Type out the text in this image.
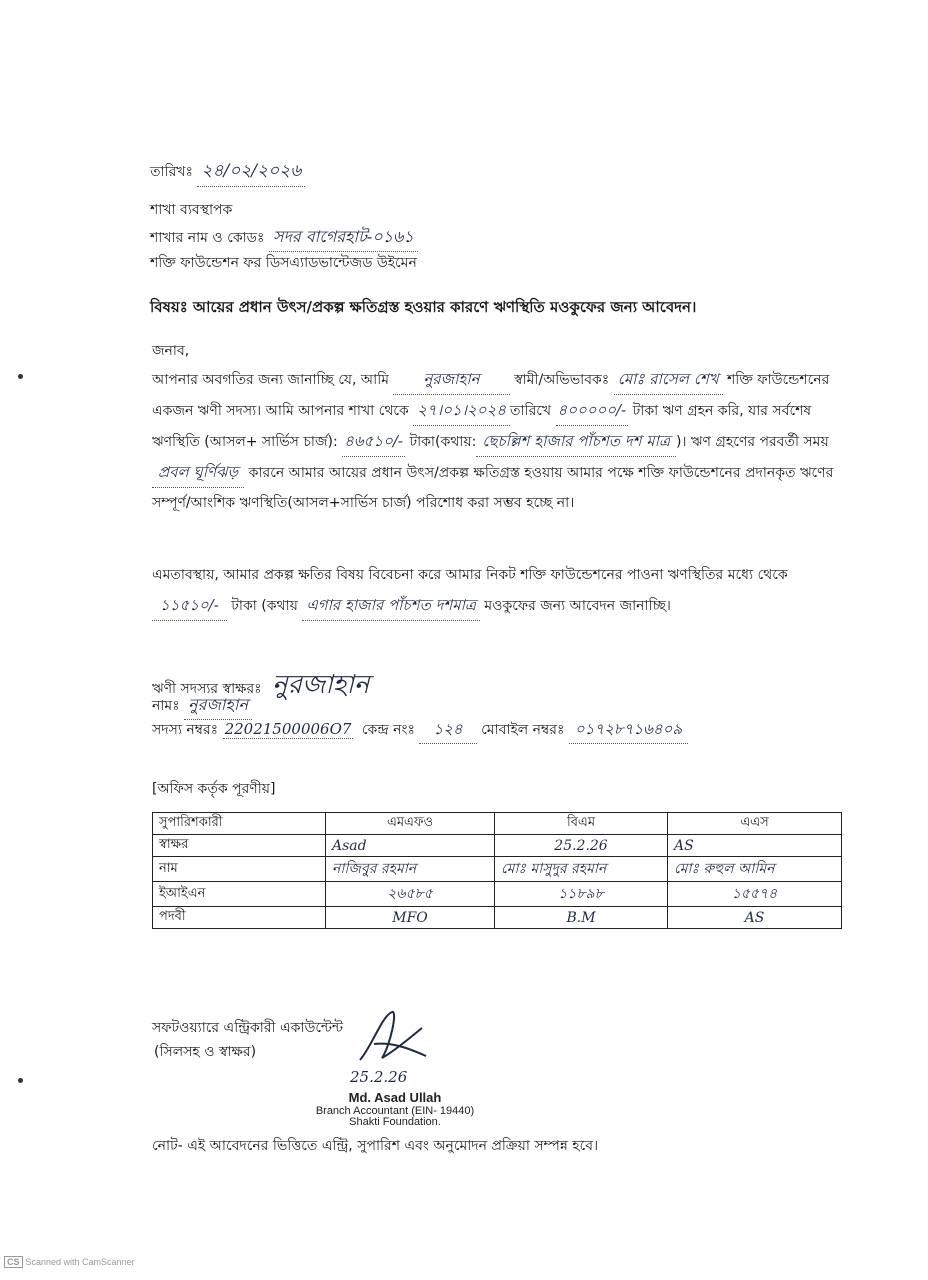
তারিখঃ ২৪/০২/২০২৬
শাখা ব্যবস্থাপক
শাখার নাম ও কোডঃ সদর বাগেরহাট-০১৬১
শক্তি ফাউন্ডেশন ফর ডিসএ্যাডভান্টেজড উইমেন
বিষয়ঃ আয়ের প্রধান উৎস/প্রকল্প ক্ষতিগ্রস্ত হওয়ার কারণে ঋণস্থিতি মওকুফের জন্য আবেদন।
জনাব,
আপনার অবগতির জন্য জানাচ্ছি যে, আমি নুরজাহান স্বামী/অভিভাবকঃ মোঃ রাসেল শেখ শক্তি ফাউন্ডেশনের একজন ঋণী সদস্য। আমি আপনার শাখা থেকে ২৭।০১।২০২৪ তারিখে ৪০০০০০/- টাকা ঋণ গ্রহন করি, যার সর্বশেষ ঋণস্থিতি (আসল+ সার্ভিস চার্জ): ৪৬৫১০/- টাকা(কথায়: ছেচল্লিশ হাজার পাঁচশত দশ মাত্র )। ঋণ গ্রহণের পরবর্তী সময় প্রবল ঘূর্ণিঝড় কারনে আমার আয়ের প্রধান উৎস/প্রকল্প ক্ষতিগ্রস্ত হওয়ায় আমার পক্ষে শক্তি ফাউন্ডেশনের প্রদানকৃত ঋণের সম্পূর্ণ/আংশিক ঋণস্থিতি(আসল+সার্ভিস চার্জ) পরিশোধ করা সম্ভব হচ্ছে না।
এমতাবস্থায়, আমার প্রকল্প ক্ষতির বিষয় বিবেচনা করে আমার নিকট শক্তি ফাউন্ডেশনের পাওনা ঋণস্থিতির মধ্যে থেকে ১১৫১০/- টাকা (কথায় এগার হাজার পাঁচশত দশমাত্র মওকুফের জন্য আবেদন জানাচ্ছি।
ঋণী সদস্যর স্বাক্ষরঃ নুরজাহান
নামঃ নুরজাহান
সদস্য নম্বরঃ 22021500006O7 কেন্দ্র নংঃ ১২৪ মোবাইল নম্বরঃ ০১৭২৮৭১৬৪০৯
[অফিস কর্তৃক পূরণীয়]
সুপারিশকারী	এমএফও	বিএম	এএস
স্বাক্ষর	Asad	25.2.26	AS
নাম	নাজিবুর রহমান	মোঃ মাসুদুর রহমান	মোঃ রুহুল আমিন
ইআইএন	২৬৫৮৫	১১৮৯৮	১৫৫৭৪
পদবী	MFO	B.M	AS
সফটওয়্যারে এন্ট্রিকারী একাউন্টেন্ট
(সিলসহ ও স্বাক্ষর)
25.2.26
Md. Asad Ullah
Branch Accountant (EIN- 19440)
Shakti Foundation.
নোট- এই আবেদনের ভিত্তিতে এন্ট্রি, সুপারিশ এবং অনুমোদন প্রক্রিয়া সম্পন্ন হবে।
CS Scanned with CamScanner
